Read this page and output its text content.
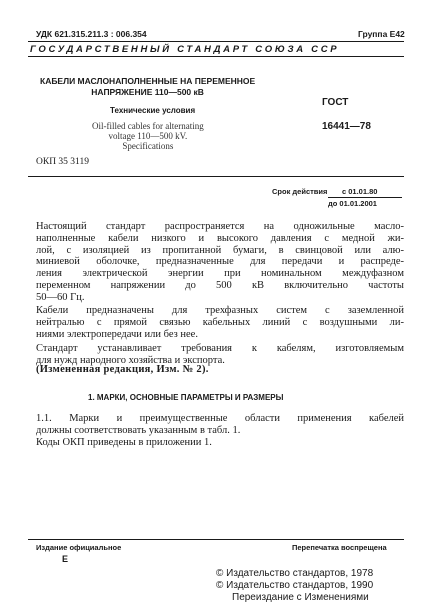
УДК 621.315.211.3 : 006.354	Группа Е42
ГОСУДАРСТВЕННЫЙ СТАНДАРТ СОЮЗА ССР
КАБЕЛИ МАСЛОНАПОЛНЕННЫЕ НА ПЕРЕМЕННОЕ
НАПРЯЖЕНИЕ 110—500 кВ
Технические условия
Oil-filled cables for alternating
voltage 110—500 kV.
Specifications
ОКП 35 3119
ГОСТ
16441—78
Срок действия с 01.01.80
до 01.01.2001
Настоящий стандарт распространяется на одножильные масло-
наполненные кабели низкого и высокого давления с медной жи-
лой, с изоляцией из пропитанной бумаги, в свинцовой или алю-
миниевой оболочке, предназначенные для передачи и распреде-
ления электрической энергии при номинальном междуфазном
переменном напряжении до 500 кВ включительно частоты
50—60 Гц.
Кабели предназначены для трехфазных систем с заземленной
нейтралью с прямой связью кабельных линий с воздушными ли-
ниями электропередачи или без нее.
Стандарт устанавливает требования к кабелям, изготовляемым
для нужд народного хозяйства и экспорта.
(Измененная редакция, Изм. № 2).
1. МАРКИ, ОСНОВНЫЕ ПАРАМЕТРЫ И РАЗМЕРЫ
1.1. Марки и преимущественные области применения кабелей
должны соответствовать указанным в табл. 1.
Коды ОКП приведены в приложении 1.
Издание официальное
Е
Перепечатка воспрещена
© Издательство стандартов, 1978
© Издательство стандартов, 1990
Переиздание с Изменениями
